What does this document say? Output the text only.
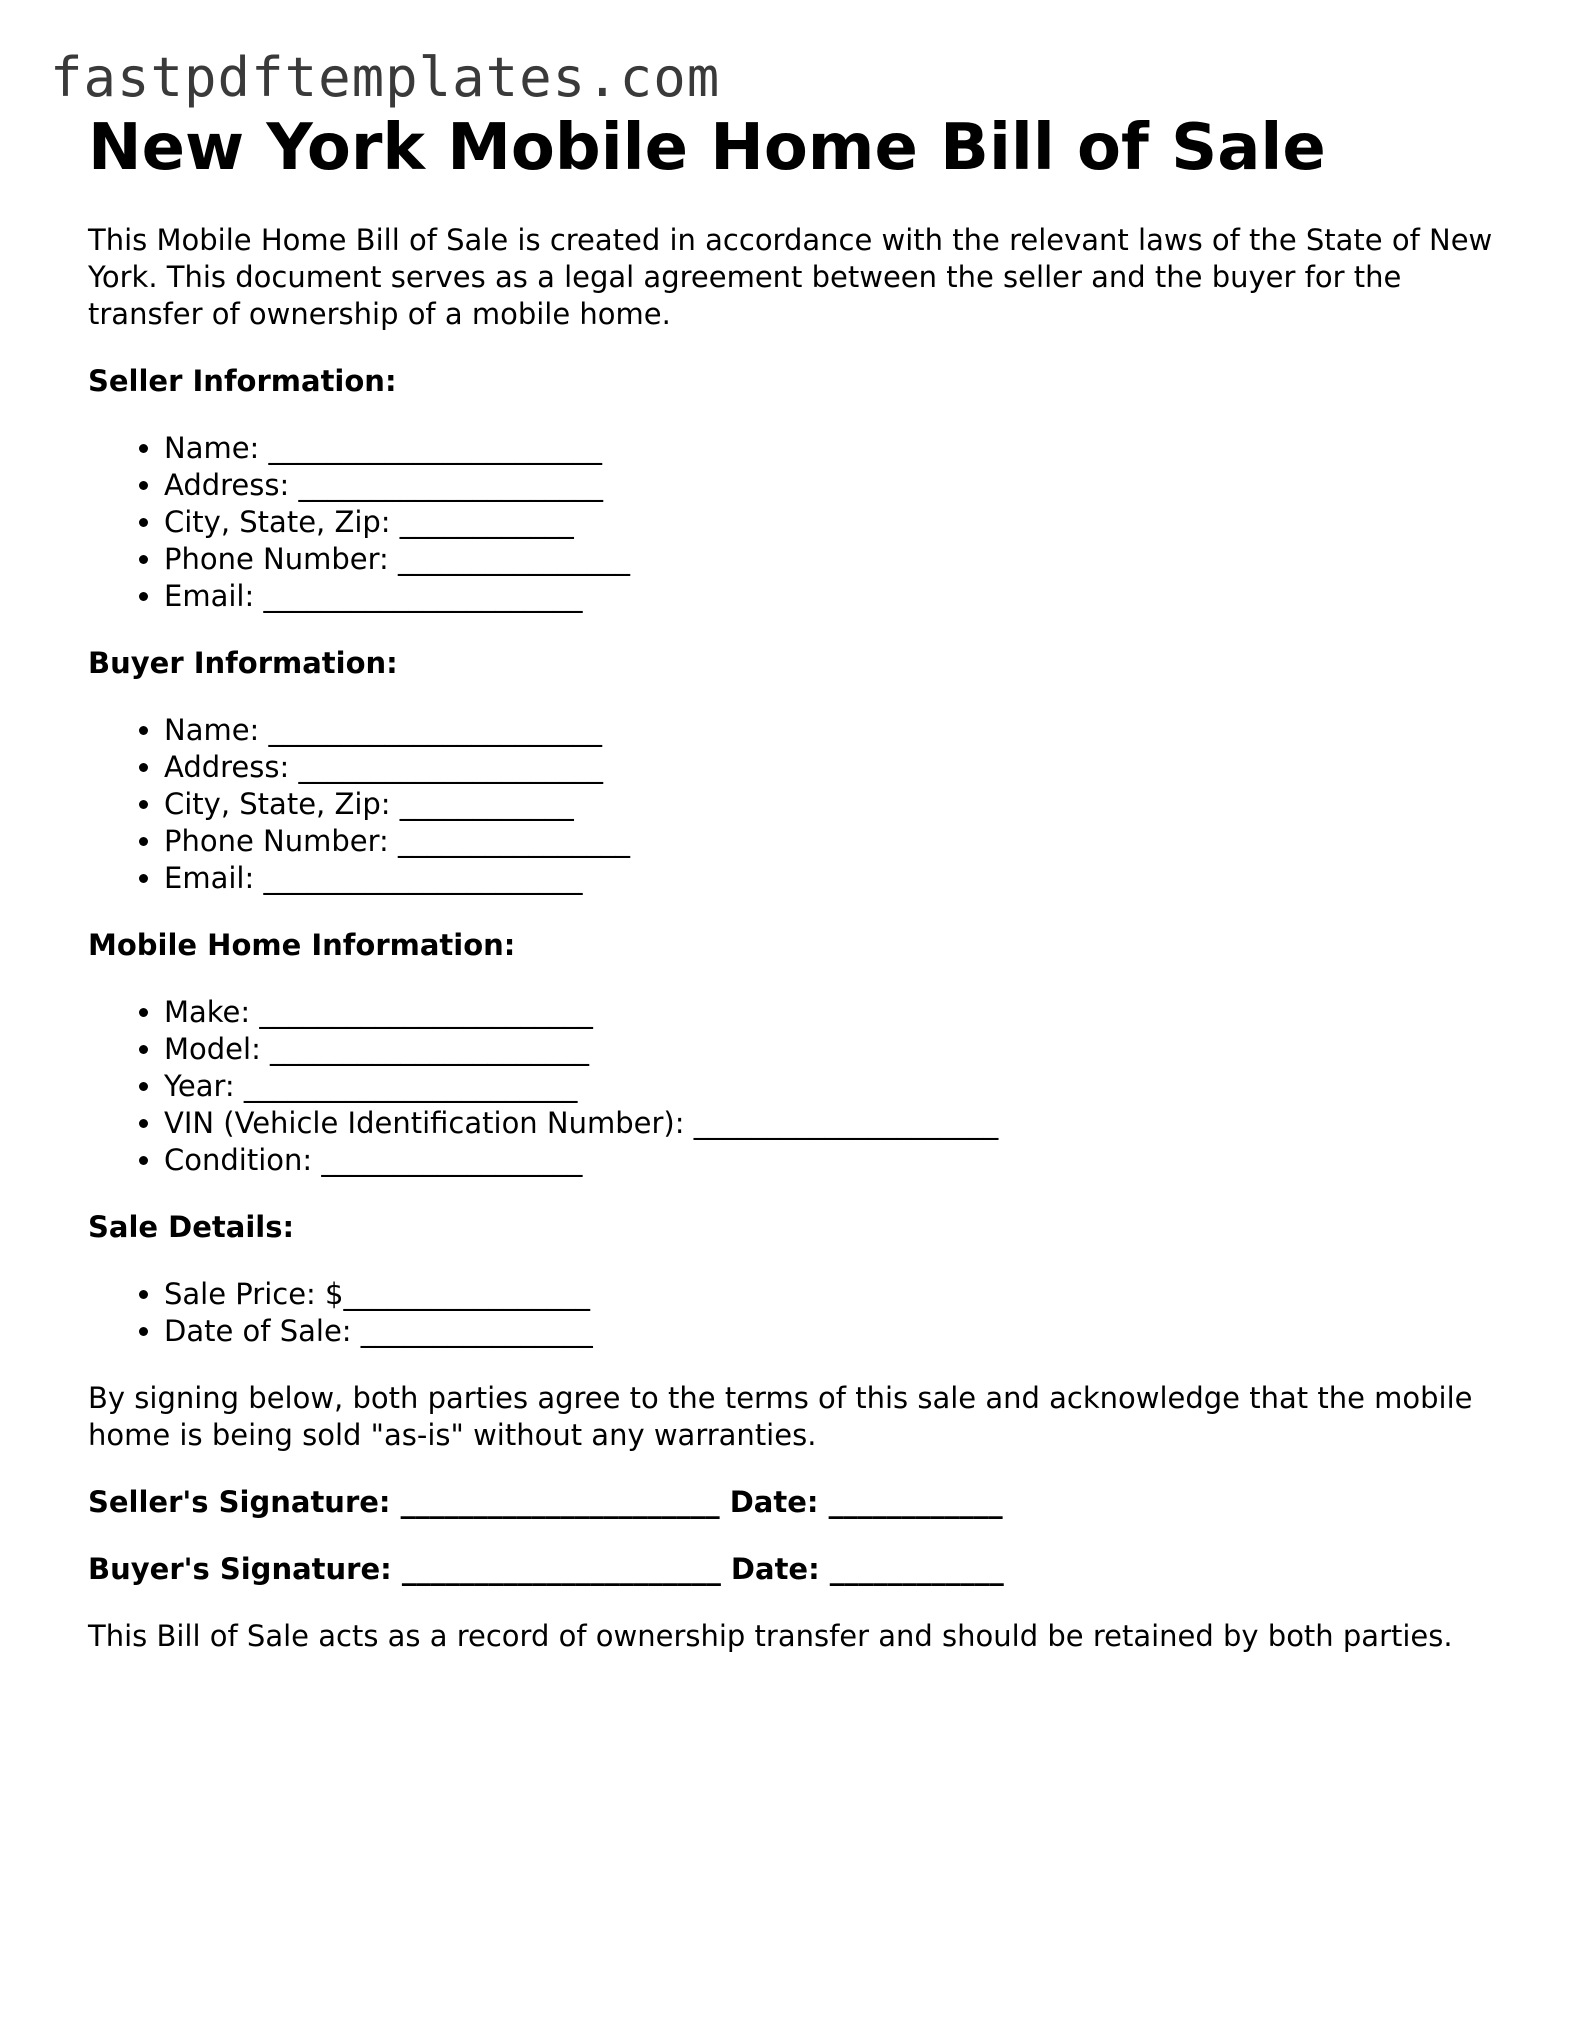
fastpdftemplates.com
New York Mobile Home Bill of Sale

This Mobile Home Bill of Sale is created in accordance with the relevant laws of the State of New York. This document serves as a legal agreement between the seller and the buyer for the transfer of ownership of a mobile home.

Seller Information:

• Name: _______________________
• Address: _____________________
• City, State, Zip: ____________
• Phone Number: ________________
• Email: ______________________

Buyer Information:

• Name: _______________________
• Address: _____________________
• City, State, Zip: ____________
• Phone Number: ________________
• Email: ______________________

Mobile Home Information:

• Make: _______________________
• Model: ______________________
• Year: _______________________
• VIN (Vehicle Identification Number): _____________________
• Condition: __________________

Sale Details:

• Sale Price: $_________________
• Date of Sale: ________________

By signing below, both parties agree to the terms of this sale and acknowledge that the mobile home is being sold "as-is" without any warranties.

Seller's Signature: ______________________ Date: ____________

Buyer's Signature: ______________________ Date: ____________

This Bill of Sale acts as a record of ownership transfer and should be retained by both parties.
